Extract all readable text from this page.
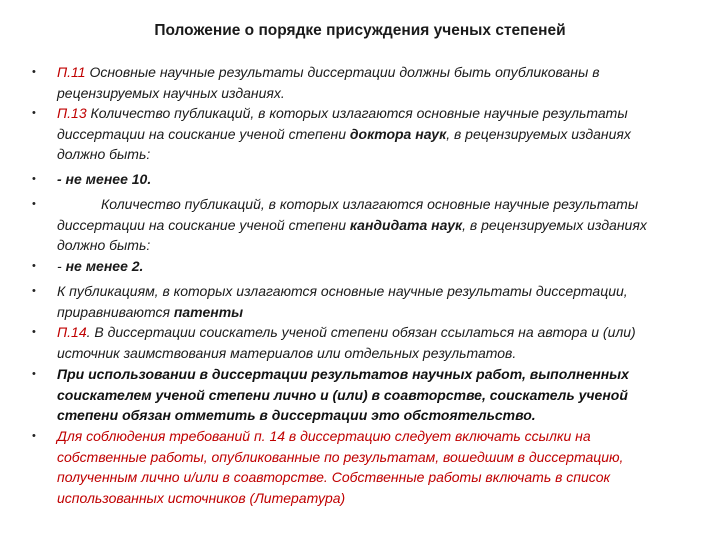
Положение о порядке присуждения ученых степеней
• П.11 Основные научные результаты диссертации должны быть опубликованы в рецензируемых научных изданиях.
• П.13 Количество публикаций, в которых излагаются основные научные результаты диссертации на соискание ученой степени доктора наук, в рецензируемых изданиях должно быть:
• - не менее 10.
•	Количество публикаций, в которых излагаются основные научные результаты диссертации на соискание ученой степени кандидата наук, в рецензируемых изданиях должно быть:
• - не менее 2.
• К публикациям, в которых излагаются основные научные результаты диссертации, приравниваются патенты
• П.14. В диссертации соискатель ученой степени обязан ссылаться на автора и (или) источник заимствования материалов или отдельных результатов.
• При использовании в диссертации результатов научных работ, выполненных соискателем ученой степени лично и (или) в соавторстве, соискатель ученой степени обязан отметить в диссертации это обстоятельство.
• Для соблюдения требований п. 14 в диссертацию следует включать ссылки на собственные работы, опубликованные по результатам, вошедшим в диссертацию, полученным лично и/или в соавторстве. Собственные работы включать в список использованных источников (Литература)
